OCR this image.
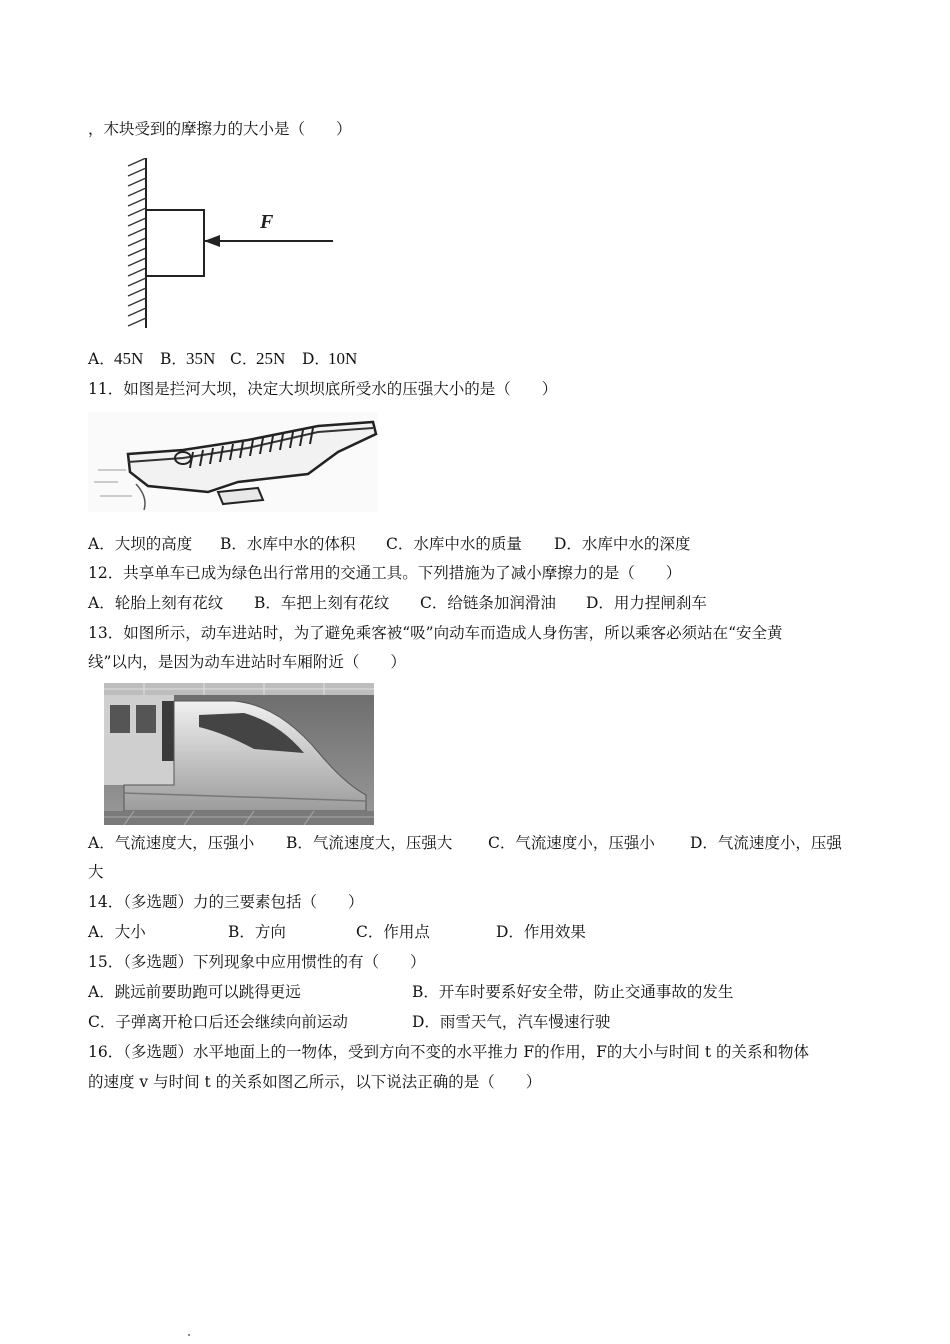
，木块受到的摩擦力的大小是（　　）
F
A． 45N B． 35N C．
25N D．
10N
11．如图是拦河大坝，决定大坝坝底所受水的压强大小的是（　　）
A．大坝的高度 B．水库中水的体积 C．水库中水的质量 D．水库中水的深度
12．共享单车已成为绿色出行常用的交通工具。下列措施为了减小摩擦力的是（　　）
A．轮胎上刻有花纹 B．车把上刻有花纹 C．给链条加润滑油 D．用力捏闸刹车
13．如图所示，动车进站时，为了避免乘客被“吸”向动车而造成人身伤害，所以乘客必须站在“安全黄
线”以内，是因为动车进站时车厢附近（　　）
A．气流速度大，压强小 B．气流速度大，压强大 C．气流速度小，压强小 D．气流速度小，压强
大
14．（多选题）力的三要素包括（　　）
A．大小	B．方向	C．作用点	D．作用效果
15．（多选题）下列现象中应用惯性的有（　　）
A．跳远前要助跑可以跳得更远	B．开车时要系好安全带，防止交通事故的发生
C．子弹离开枪口后还会继续向前运动	D．雨雪天气，汽车慢速行驶
16．（多选题）水平地面上的一物体，受到方向不变的水平推力 F的作用，F的大小与时间 t 的关系和物体
的速度 v 与时间 t 的关系如图乙所示，以下说法正确的是（　　）
